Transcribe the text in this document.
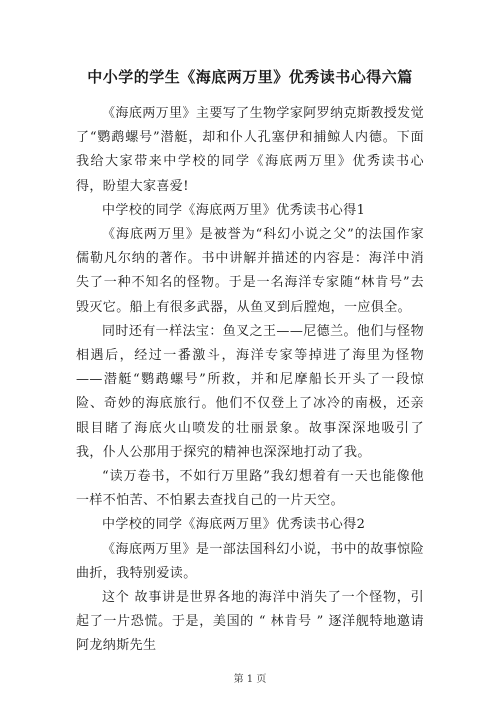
中小学的学生《海底两万里》优秀读书心得六篇

《海底两万里》主要写了生物学家阿罗纳克斯教授发觉了“鹦鹉螺号”潜艇，却和仆人孔塞伊和捕鲸人内德。下面我给大家带来中学校的同学《海底两万里》优秀读书心得，盼望大家喜爱!

中学校的同学《海底两万里》优秀读书心得1

《海底两万里》是被誉为“科幻小说之父”的法国作家儒勒凡尔纳的著作。书中讲解并描述的内容是：海洋中消失了一种不知名的怪物。于是一名海洋专家随“林肯号”去毁灭它。船上有很多武器，从鱼叉到后膛炮，一应俱全。

同时还有一样法宝：鱼叉之王——尼德兰。他们与怪物相遇后，经过一番激斗，海洋专家等掉进了海里为怪物——潜艇“鹦鹉螺号”所救，并和尼摩船长开头了一段惊险、奇妙的海底旅行。他们不仅登上了冰冷的南极，还亲眼目睹了海底火山喷发的壮丽景象。故事深深地吸引了我，仆人公那用于探究的精神也深深地打动了我。

“读万卷书，不如行万里路”我幻想着有一天也能像他一样不怕苦、不怕累去查找自己的一片天空。

中学校的同学《海底两万里》优秀读书心得2

《海底两万里》是一部法国科幻小说，书中的故事惊险曲折，我特别爱读。

这个 故事讲是世界各地的海洋中消失了一个怪物，引起了一片恐慌。于是，美国的 “ 林肯号 ” 逐洋舰特地邀请阿龙纳斯先生

第 1 页
